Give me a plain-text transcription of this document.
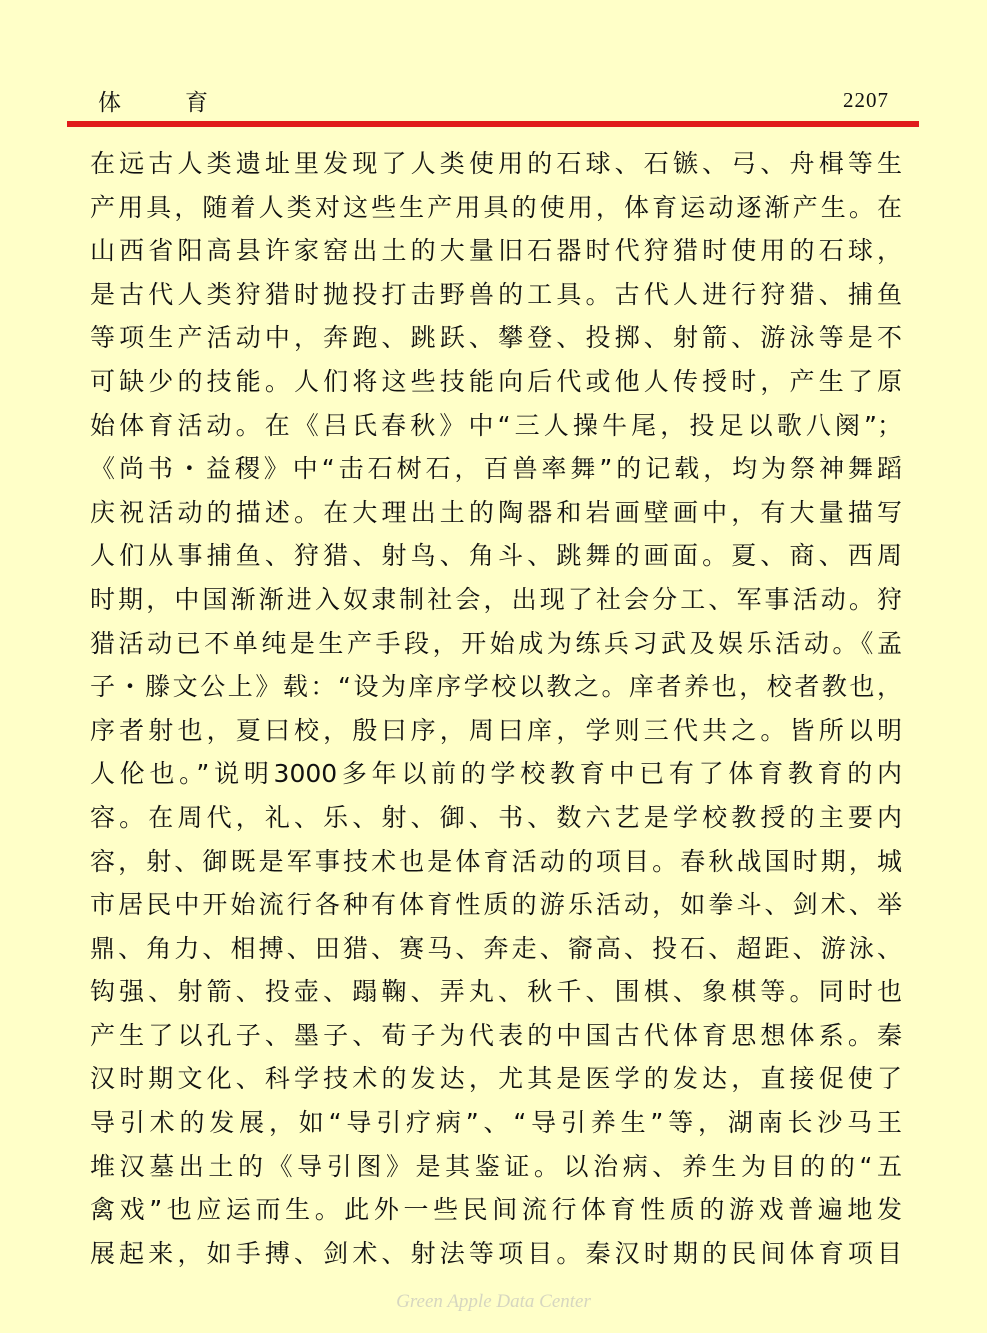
体育	2207
在远古人类遗址里发现了人类使用的石球、石镞、弓、舟楫等生
产用具，随着人类对这些生产用具的使用，体育运动逐渐产生。在
山西省阳高县许家窑出土的大量旧石器时代狩猎时使用的石球，
是古代人类狩猎时抛投打击野兽的工具。古代人进行狩猎、捕鱼
等项生产活动中，奔跑、跳跃、攀登、投掷、射箭、游泳等是不
可缺少的技能。人们将这些技能向后代或他人传授时，产生了原
始体育活动。在《吕氏春秋》中“三人操牛尾，投足以歌八阕”；
《尚书・益稷》中“击石树石，百兽率舞”的记载，均为祭神舞蹈
庆祝活动的描述。在大理出土的陶器和岩画壁画中，有大量描写
人们从事捕鱼、狩猎、射鸟、角斗、跳舞的画面。夏、商、西周
时期，中国渐渐进入奴隶制社会，出现了社会分工、军事活动。狩
猎活动已不单纯是生产手段，开始成为练兵习武及娱乐活动。《孟
子・滕文公上》载：“设为庠序学校以教之。庠者养也，校者教也，
序者射也，夏曰校，殷曰序，周曰庠，学则三代共之。皆所以明
人伦也。”说明3000多年以前的学校教育中已有了体育教育的内
容。在周代，礼、乐、射、御、书、数六艺是学校教授的主要内
容，射、御既是军事技术也是体育活动的项目。春秋战国时期，城
市居民中开始流行各种有体育性质的游乐活动，如拳斗、剑术、举
鼎、角力、相搏、田猎、赛马、奔走、窬高、投石、超距、游泳、
钩强、射箭、投壶、蹋鞠、弄丸、秋千、围棋、象棋等。同时也
产生了以孔子、墨子、荀子为代表的中国古代体育思想体系。秦
汉时期文化、科学技术的发达，尤其是医学的发达，直接促使了
导引术的发展，如“导引疗病”、“导引养生”等，湖南长沙马王
堆汉墓出土的《导引图》是其鉴证。以治病、养生为目的的“五
禽戏”也应运而生。此外一些民间流行体育性质的游戏普遍地发
展起来，如手搏、剑术、射法等项目。秦汉时期的民间体育项目
Green Apple Data Center
